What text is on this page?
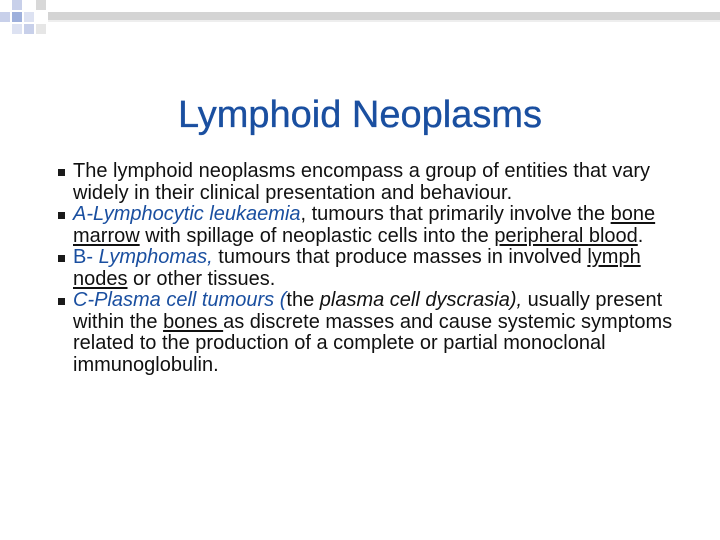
Lymphoid Neoplasms
The lymphoid neoplasms encompass a group of entities that vary widely in their clinical presentation and behaviour.
A-Lymphocytic leukaemia, tumours that primarily involve the bone marrow with spillage of neoplastic cells into the peripheral blood.
B- Lymphomas, tumours that produce masses in involved lymph nodes or other tissues.
C-Plasma cell tumours (the plasma cell dyscrasia), usually present within the bones as discrete masses and cause systemic symptoms related to the production of a complete or partial monoclonal immunoglobulin.
